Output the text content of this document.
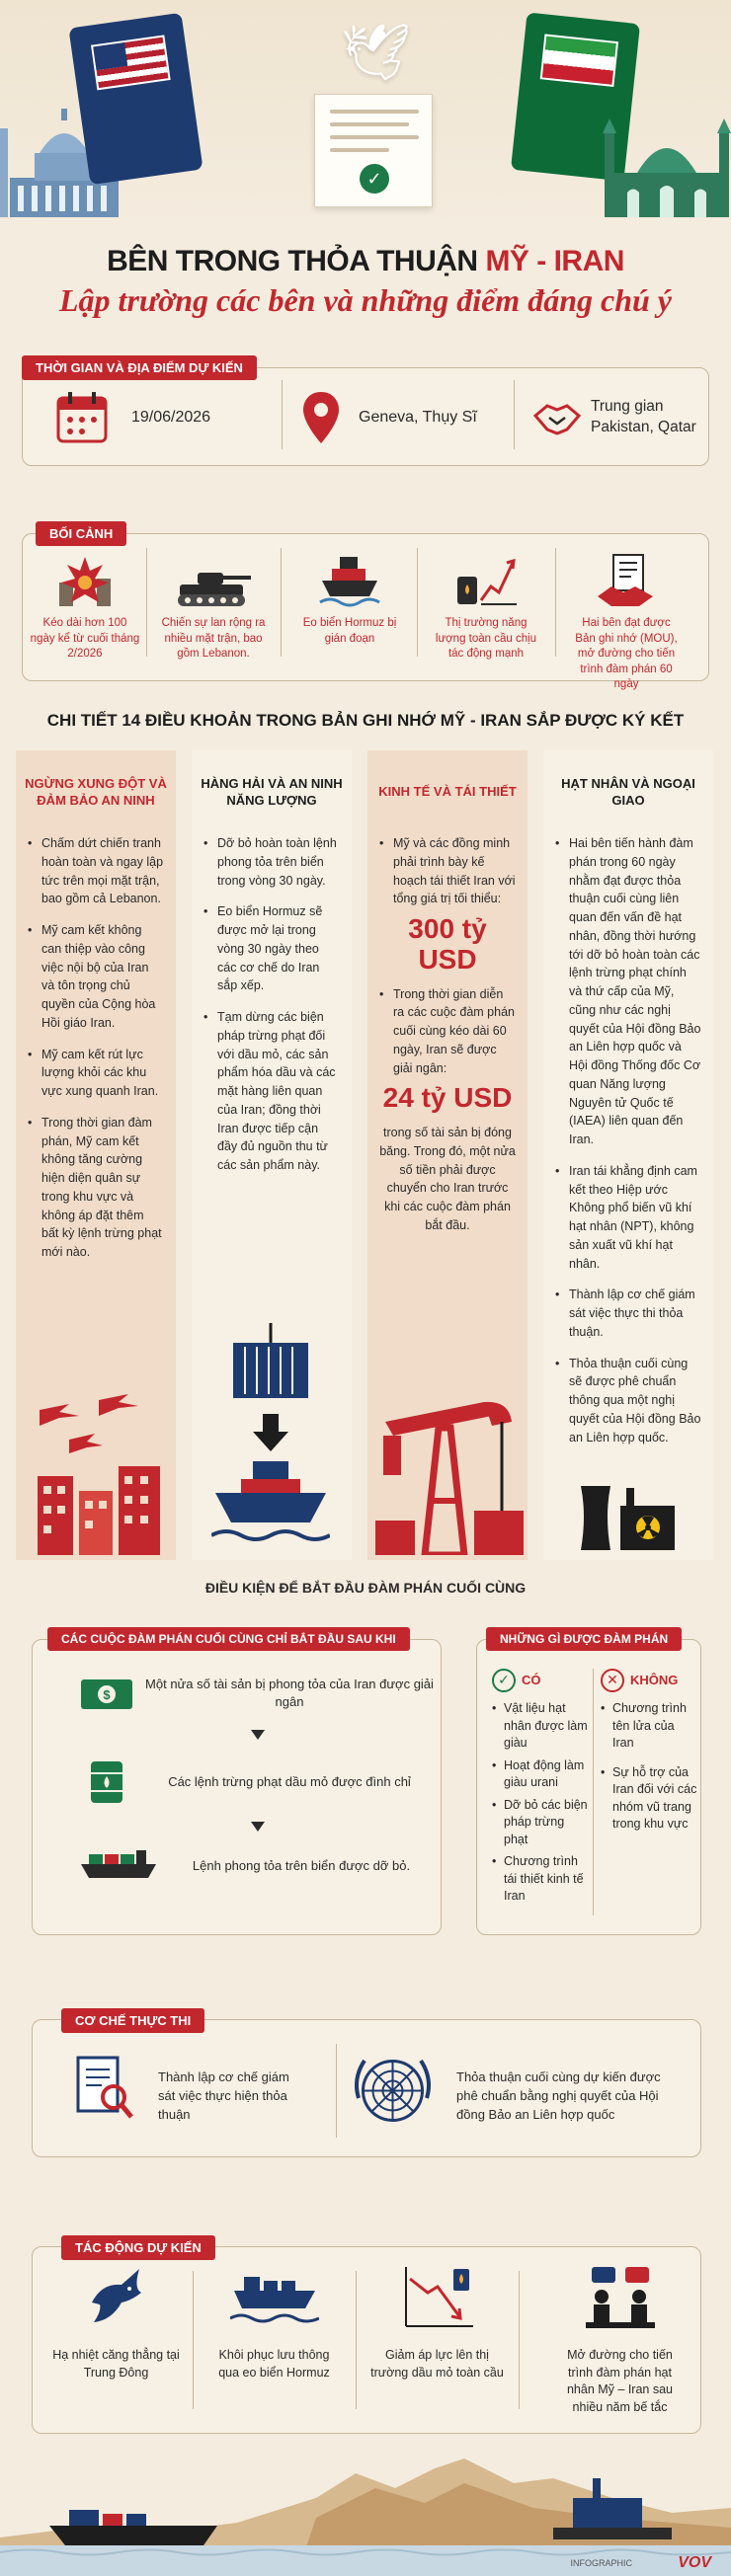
🕊
✓
BÊN TRONG THỎA THUẬN MỸ - IRAN
Lập trường các bên và những điểm đáng chú ý
THỜI GIAN VÀ ĐỊA ĐIỂM DỰ KIẾN
19/06/2026	Geneva, Thụy Sĩ
Trung gian
Pakistan, Qatar
BỐI CẢNH
Kéo dài hơn 100 ngày kể từ cuối tháng 2/2026
Chiến sự lan rộng ra nhiều mặt trận, bao gồm Lebanon.
Eo biển Hormuz bị gián đoạn
Thị trường năng lượng toàn cầu chịu tác động mạnh
Hai bên đạt được Bản ghi nhớ (MOU), mở đường cho tiến trình đàm phán 60 ngày
CHI TIẾT 14 ĐIỀU KHOẢN TRONG BẢN GHI NHỚ MỸ - IRAN SẮP ĐƯỢC KÝ KẾT
NGỪNG XUNG ĐỘT VÀ ĐẢM BẢO AN NINH
• Chấm dứt chiến tranh hoàn toàn và ngay lập tức trên mọi mặt trận, bao gồm cả Lebanon.
• Mỹ cam kết không can thiệp vào công việc nội bộ của Iran và tôn trọng chủ quyền của Cộng hòa Hồi giáo Iran.
• Mỹ cam kết rút lực lượng khỏi các khu vực xung quanh Iran.
• Trong thời gian đàm phán, Mỹ cam kết không tăng cường hiện diện quân sự trong khu vực và không áp đặt thêm bất kỳ lệnh trừng phạt mới nào.
HÀNG HẢI VÀ AN NINH NĂNG LƯỢNG
• Dỡ bỏ hoàn toàn lệnh phong tỏa trên biển trong vòng 30 ngày.
• Eo biển Hormuz sẽ được mở lại trong vòng 30 ngày theo các cơ chế do Iran sắp xếp.
• Tạm dừng các biện pháp trừng phạt đối với dầu mỏ, các sản phẩm hóa dầu và các mặt hàng liên quan của Iran; đồng thời Iran được tiếp cận đầy đủ nguồn thu từ các sản phẩm này.
KINH TẾ VÀ TÁI THIẾT
• Mỹ và các đồng minh phải trình bày kế hoạch tái thiết Iran với tổng giá trị tối thiểu:
300 tỷ USD
• Trong thời gian diễn ra các cuộc đàm phán cuối cùng kéo dài 60 ngày, Iran sẽ được giải ngân:
24 tỷ USD
trong số tài sản bị đóng băng. Trong đó, một nửa số tiền phải được chuyển cho Iran trước khi các cuộc đàm phán bắt đầu.
HẠT NHÂN VÀ NGOẠI GIAO
• Hai bên tiến hành đàm phán trong 60 ngày nhằm đạt được thỏa thuận cuối cùng liên quan đến vấn đề hạt nhân, đồng thời hướng tới dỡ bỏ hoàn toàn các lệnh trừng phạt chính và thứ cấp của Mỹ, cũng như các nghị quyết của Hội đồng Bảo an Liên hợp quốc và Hội đồng Thống đốc Cơ quan Năng lượng Nguyên tử Quốc tế (IAEA) liên quan đến Iran.
• Iran tái khẳng định cam kết theo Hiệp ước Không phổ biến vũ khí hạt nhân (NPT), không sản xuất vũ khí hạt nhân.
• Thành lập cơ chế giám sát việc thực thi thỏa thuận.
• Thỏa thuận cuối cùng sẽ được phê chuẩn thông qua một nghị quyết của Hội đồng Bảo an Liên hợp quốc.
ĐIỀU KIỆN ĐỂ BẮT ĐẦU ĐÀM PHÁN CUỐI CÙNG
CÁC CUỘC ĐÀM PHÁN CUỐI CÙNG CHỈ BẮT ĐẦU SAU KHI
$
Một nửa số tài sản bị phong tỏa của Iran được giải ngân
Các lệnh trừng phạt dầu mỏ được đình chỉ
Lệnh phong tỏa trên biển được dỡ bỏ.
NHỮNG GÌ ĐƯỢC ĐÀM PHÁN
✓ CÓ
• Vật liệu hạt nhân được làm giàu
• Hoạt động làm giàu urani
• Dỡ bỏ các biện pháp trừng phạt
• Chương trình tái thiết kinh tế Iran
✕ KHÔNG
• Chương trình tên lửa của Iran
• Sự hỗ trợ của Iran đối với các nhóm vũ trang trong khu vực
CƠ CHẾ THỰC THI
Thành lập cơ chế giám sát việc thực hiện thỏa thuận
Thỏa thuận cuối cùng dự kiến được phê chuẩn bằng nghị quyết của Hội đồng Bảo an Liên hợp quốc
TÁC ĐỘNG DỰ KIẾN
Hạ nhiệt căng thẳng tại Trung Đông
Khôi phục lưu thông qua eo biển Hormuz
Giảm áp lực lên thị trường dầu mỏ toàn cầu
Mở đường cho tiến trình đàm phán hạt nhân Mỹ – Iran sau nhiều năm bế tắc
INFOGRAPHIC	VOV
